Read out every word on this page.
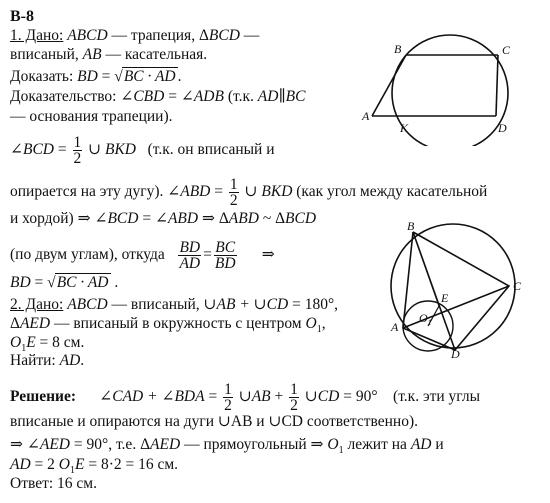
В-8
1. Дано: ABCD — трапеция, ΔBCD —
вписаный, AB — касательная.
Доказать: BD = √BC · AD .
Доказательство: ∠CBD = ∠ADB (т.к. AD∥BC
— основания трапеции).
∠BCD = $\frac{1}{2}$ ∪ BKD (т.к. он вписаный и
опирается на эту дугу). ∠ABD = $\frac{1}{2}$ ∪ BKD (как угол между касательной
и хордой) ⇒ ∠BCD = ∠ABD ⇒ ΔABD ~ ΔBCD
(по двум углам), откуда $\frac{BD}{AD} = \frac{BC}{BD}$ ⇒
BD = √BC · AD .
2. Дано: ABCD — вписаный, ∪AB + ∪CD = 180°,
ΔAED — вписаный в окружность с центром $O_1$,
$O_1E = 8$ см.
Найти: AD.
Решение: ∠CAD + ∠BDA = $\frac{1}{2}$ ∪AB + $\frac{1}{2}$ ∪CD = 90° (т.к. эти углы
вписаные и опираются на дуги ∪AB и ∪CD соответственно).
⇒ ∠AED = 90°, т.е. ΔAED — прямоугольный ⇒ $O_1$ лежит на AD и
AD = 2 $O_1E = 8\cdot 2 = 16$ см.
Ответ: 16 см.
B	C
A
K	D
B
C
E
A
$O_1$
D
